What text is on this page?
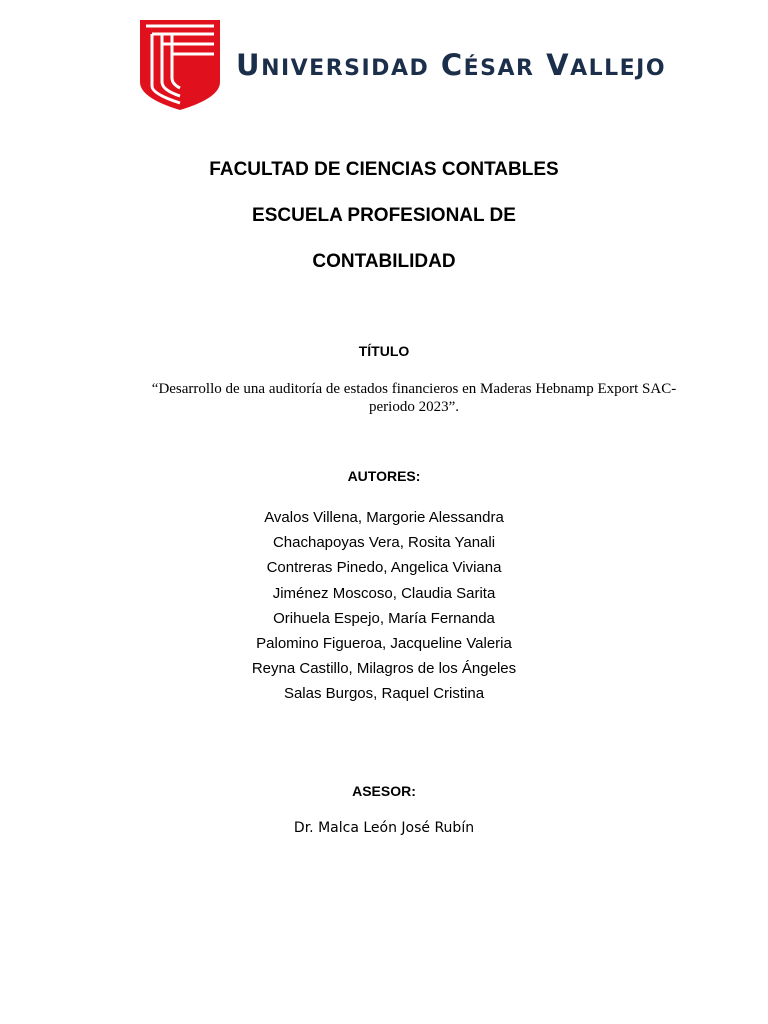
UNIVERSIDAD CÉSAR VALLEJO
FACULTAD DE CIENCIAS CONTABLES
ESCUELA PROFESIONAL DE
CONTABILIDAD
TÍTULO
“Desarrollo de una auditoría de estados financieros en Maderas Hebnamp Export SAC- periodo 2023”.
AUTORES:
Avalos Villena, Margorie Alessandra
Chachapoyas Vera, Rosita Yanali
Contreras Pinedo, Angelica Viviana
Jiménez Moscoso, Claudia Sarita
Orihuela Espejo, María Fernanda
Palomino Figueroa, Jacqueline Valeria
Reyna Castillo, Milagros de los Ángeles
Salas Burgos, Raquel Cristina
ASESOR:
Dr. Malca León José Rubín
